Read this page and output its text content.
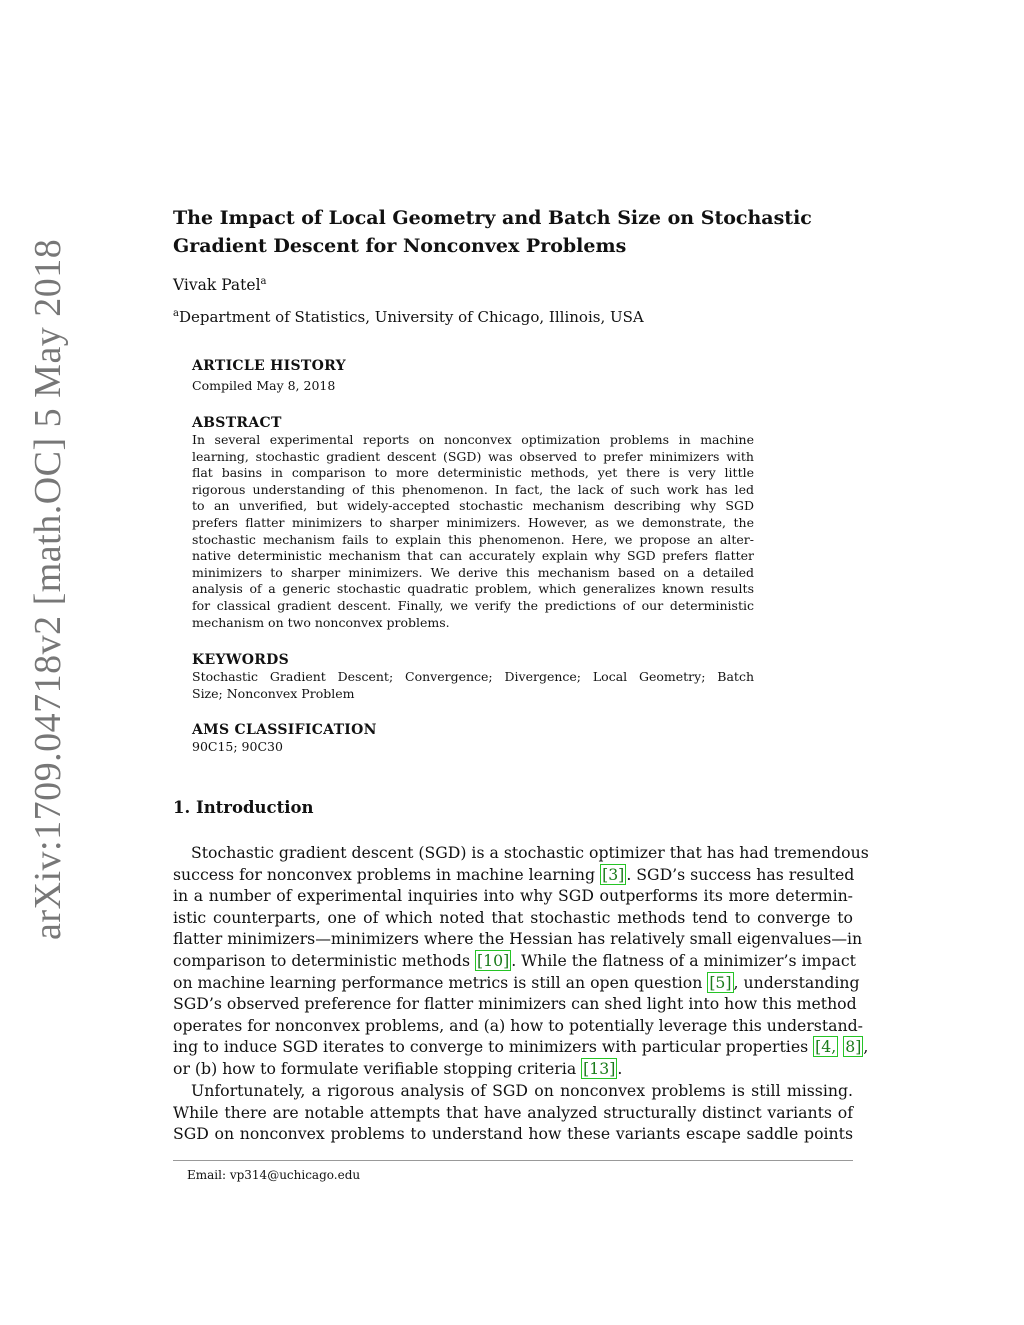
arXiv:1709.04718v2 [math.OC] 5 May 2018
The Impact of Local Geometry and Batch Size on Stochastic
Gradient Descent for Nonconvex Problems
Vivak Patel$^a$
$^a$Department of Statistics, University of Chicago, Illinois, USA
ARTICLE HISTORY
Compiled May 8, 2018
ABSTRACT
In several experimental reports on nonconvex optimization problems in machine
learning, stochastic gradient descent (SGD) was observed to prefer minimizers with
flat basins in comparison to more deterministic methods, yet there is very little
rigorous understanding of this phenomenon. In fact, the lack of such work has led
to an unverified, but widely-accepted stochastic mechanism describing why SGD
prefers flatter minimizers to sharper minimizers. However, as we demonstrate, the
stochastic mechanism fails to explain this phenomenon. Here, we propose an alter-
native deterministic mechanism that can accurately explain why SGD prefers flatter
minimizers to sharper minimizers. We derive this mechanism based on a detailed
analysis of a generic stochastic quadratic problem, which generalizes known results
for classical gradient descent. Finally, we verify the predictions of our deterministic
mechanism on two nonconvex problems.
KEYWORDS
Stochastic Gradient Descent; Convergence; Divergence; Local Geometry; Batch
Size; Nonconvex Problem
AMS CLASSIFICATION
90C15; 90C30
1. Introduction
Stochastic gradient descent (SGD) is a stochastic optimizer that has had tremendous
success for nonconvex problems in machine learning [3] . SGD’s success has resulted
in a number of experimental inquiries into why SGD outperforms its more determin-
istic counterparts, one of which noted that stochastic methods tend to converge to
flatter minimizers—minimizers where the Hessian has relatively small eigenvalues—in
comparison to deterministic methods [10] . While the flatness of a minimizer’s impact
on machine learning performance metrics is still an open question [5] , understanding
SGD’s observed preference for flatter minimizers can shed light into how this method
operates for nonconvex problems, and (a) how to potentially leverage this understand-
ing to induce SGD iterates to converge to minimizers with particular properties [4, 8] ,
or (b) how to formulate verifiable stopping criteria [13] .
Unfortunately, a rigorous analysis of SGD on nonconvex problems is still missing.
While there are notable attempts that have analyzed structurally distinct variants of
SGD on nonconvex problems to understand how these variants escape saddle points
Email: vp314@uchicago.edu
